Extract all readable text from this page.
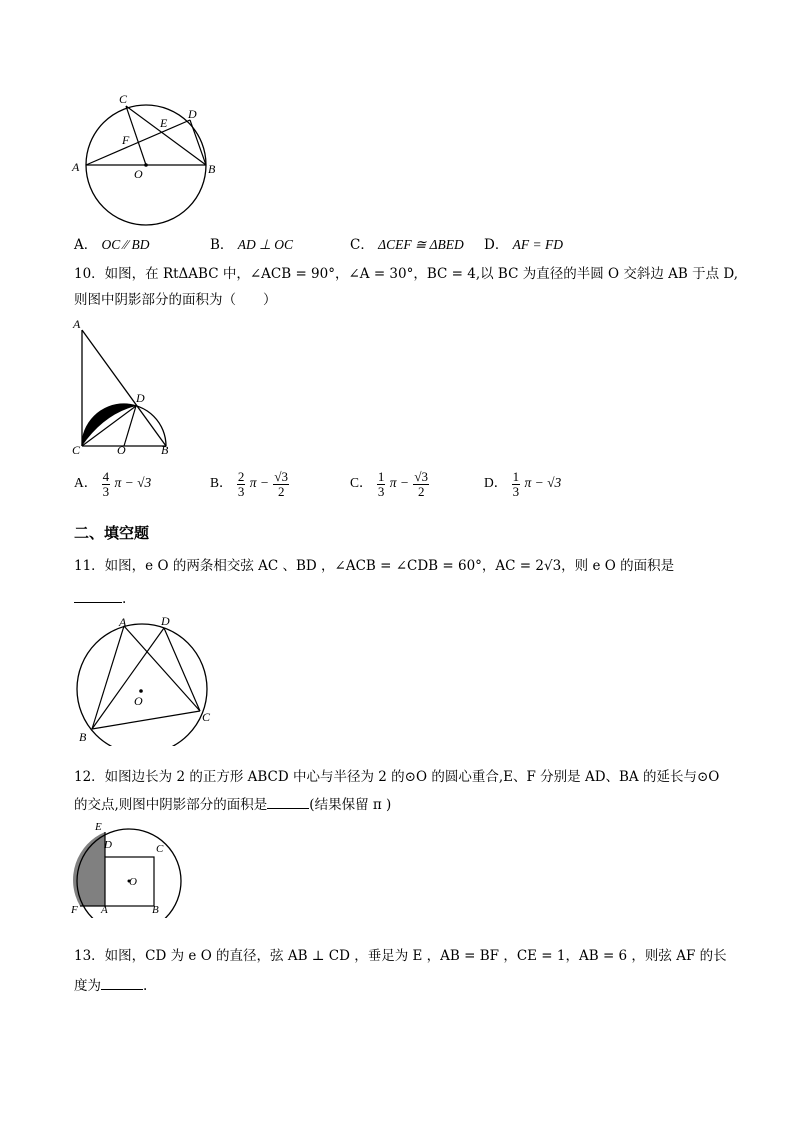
C
D
E
F
A	O	B
A． OC ∕∕ BD	B． AD ⊥ OC	C． ΔCEF ≅ ΔBED D． AF = FD
10．如图，在 RtΔABC 中，∠ACB = 90°，∠A = 30°，BC = 4,以 BC 为直径的半圆 O 交斜边 AB 于点 D,
则图中阴影部分的面积为（　　）
A
D
C	O	B
A． $\frac{4}{3}$ π − √3	B． $\frac{2}{3}$ $\pi - \frac{√3}{2}$	C． $\frac{1}{3}$ $\pi - \frac{√3}{2}$	D． $\frac{1}{3}$ π − √3
二、填空题
11．如图，e O 的两条相交弦 AC 、BD ，∠ACB = ∠CDB = 60°，AC = 2√3，则 e O 的面积是
.
A	D
O
C
B
12．如图边长为 2 的正方形 ABCD 中心与半径为 2 的⊙O 的圆心重合,E、F 分别是 AD、BA 的延长与⊙O
的交点,则图中阴影部分的面积是	(结果保留 π )
E
D	C
O
F A	B
13．如图，CD 为 e O 的直径，弦 AB ⊥ CD ，垂足为 E ，AB = BF ，CE = 1，AB = 6 ，则弦 AF 的长
度为	.
